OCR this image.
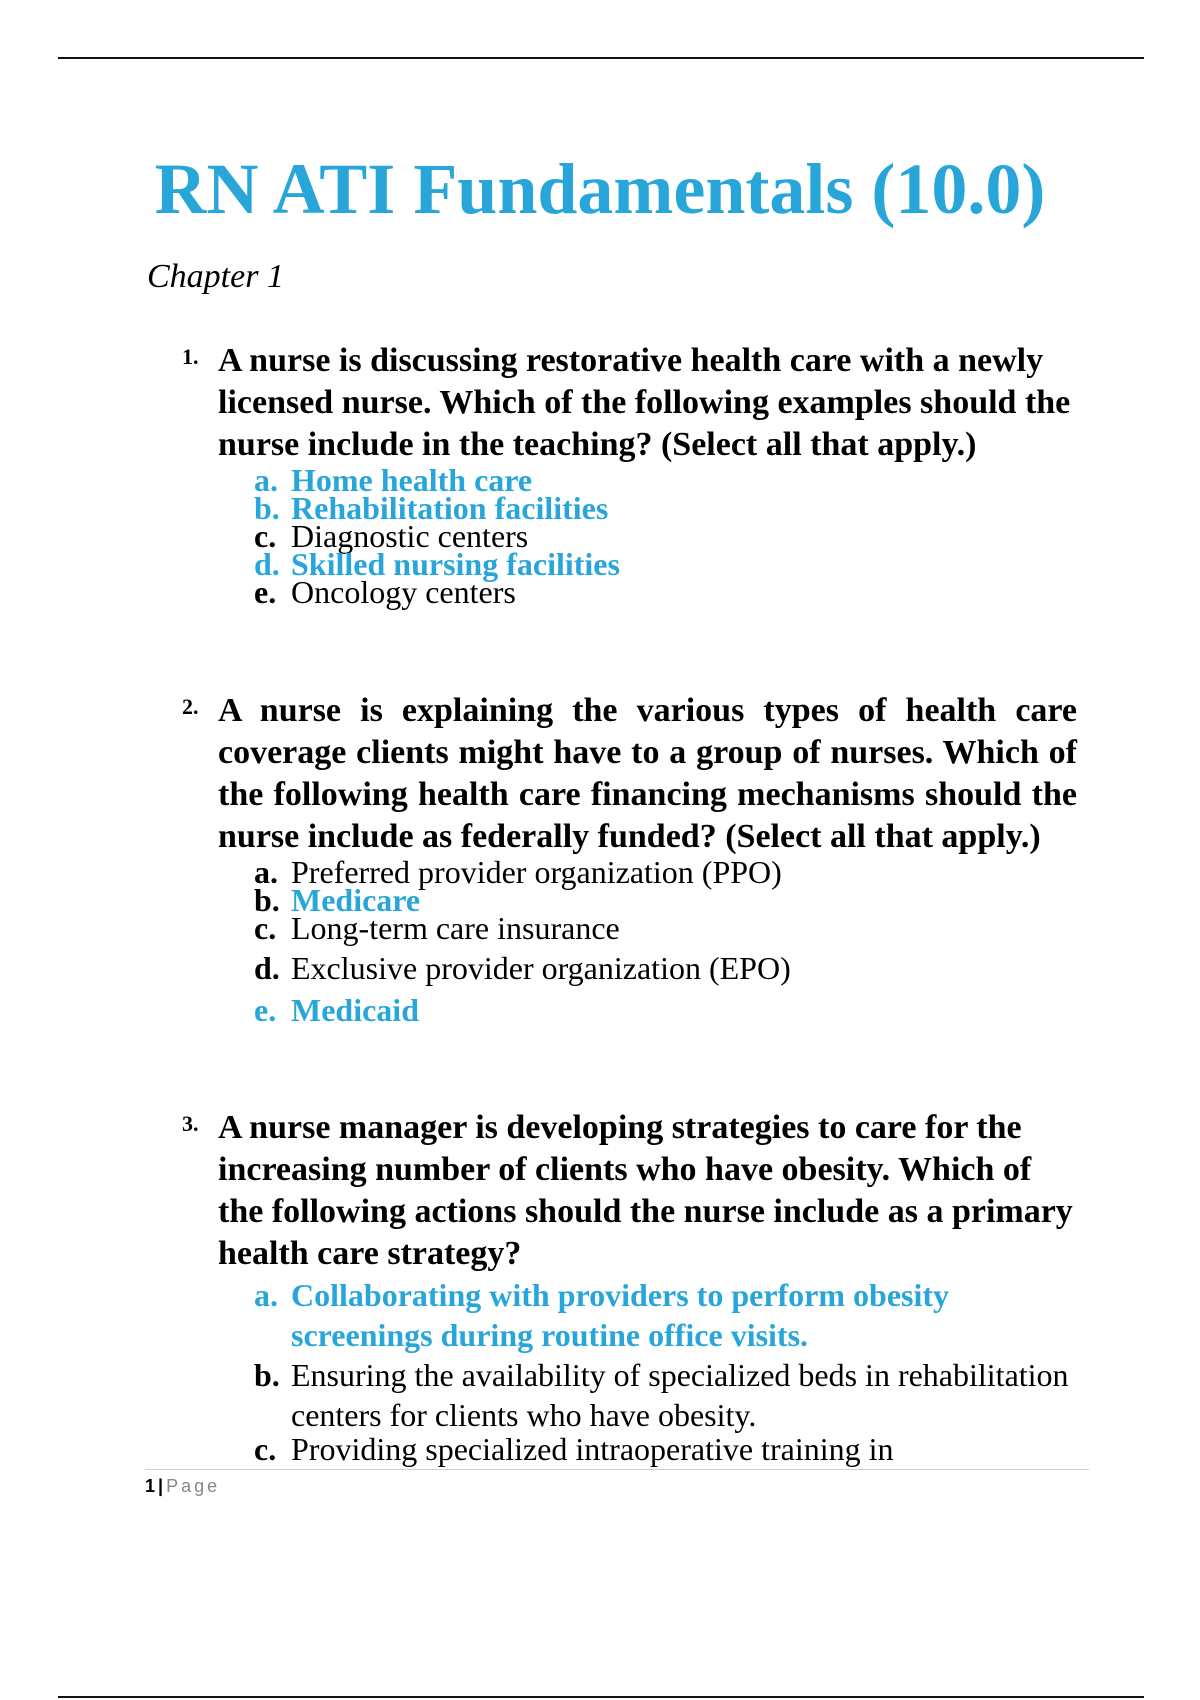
RN ATI Fundamentals (10.0)
Chapter 1
1. A nurse is discussing restorative health care with a newly licensed nurse. Which of the following examples should the nurse include in the teaching? (Select all that apply.)
a. Home health care
b. Rehabilitation facilities
c. Diagnostic centers
d. Skilled nursing facilities
e. Oncology centers
2. A nurse is explaining the various types of health care coverage clients might have to a group of nurses. Which of the following health care financing mechanisms should the nurse include as federally funded? (Select all that apply.)
a. Preferred provider organization (PPO)
b. Medicare
c. Long-term care insurance
d. Exclusive provider organization (EPO)
e. Medicaid
3. A nurse manager is developing strategies to care for the increasing number of clients who have obesity. Which of the following actions should the nurse include as a primary health care strategy?
a. Collaborating with providers to perform obesity screenings during routine office visits.
b. Ensuring the availability of specialized beds in rehabilitation centers for clients who have obesity.
c. Providing specialized intraoperative training in
1 | Page
